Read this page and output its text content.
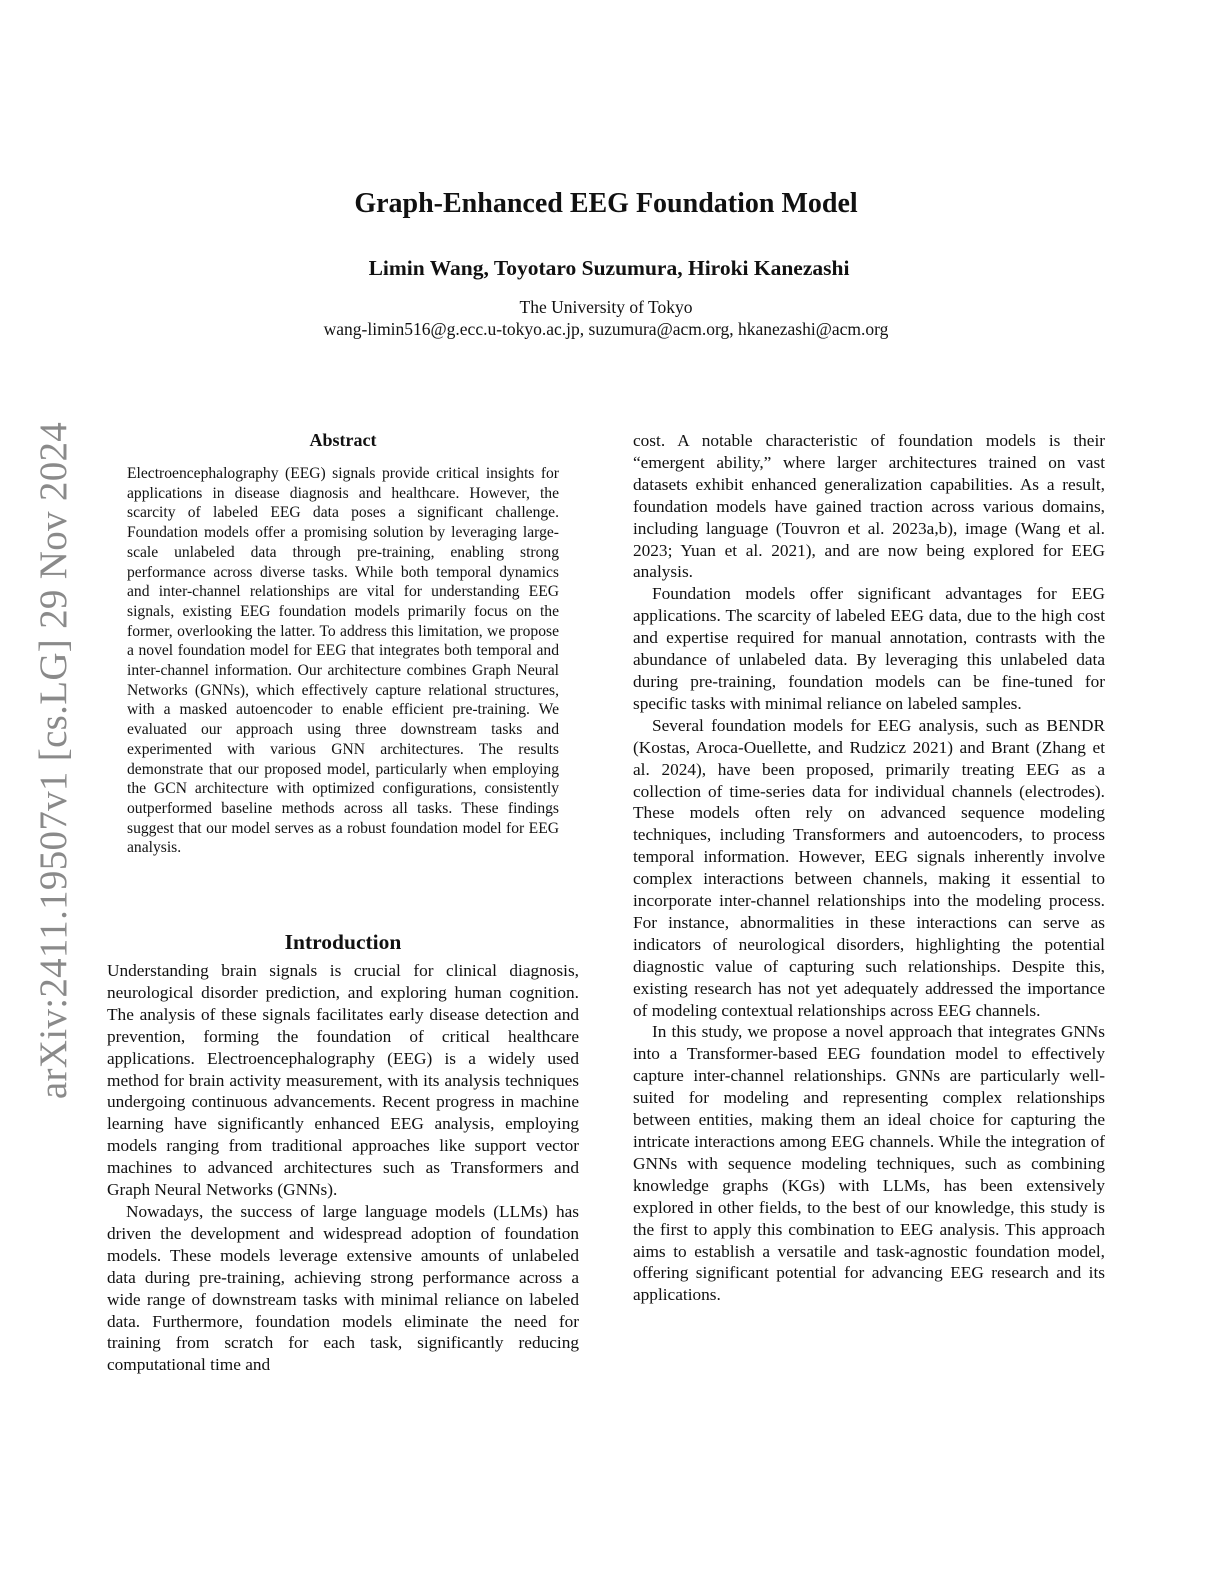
arXiv:2411.19507v1 [cs.LG] 29 Nov 2024
Graph-Enhanced EEG Foundation Model
Limin Wang, Toyotaro Suzumura, Hiroki Kanezashi
The University of Tokyo
wang-limin516@g.ecc.u-tokyo.ac.jp, suzumura@acm.org, hkanezashi@acm.org
Abstract

Electroencephalography (EEG) signals provide critical insights for applications in disease diagnosis and healthcare. However, the scarcity of labeled EEG data poses a significant challenge. Foundation models offer a promising solution by leveraging large-scale unlabeled data through pre-training, enabling strong performance across diverse tasks. While both temporal dynamics and inter-channel relationships are vital for understanding EEG signals, existing EEG foundation models primarily focus on the former, overlooking the latter. To address this limitation, we propose a novel foundation model for EEG that integrates both temporal and inter-channel information. Our architecture combines Graph Neural Networks (GNNs), which effectively capture relational structures, with a masked autoencoder to enable efficient pre-training. We evaluated our approach using three downstream tasks and experimented with various GNN architectures. The results demonstrate that our proposed model, particularly when employing the GCN architecture with optimized configurations, consistently outperformed baseline methods across all tasks. These findings suggest that our model serves as a robust foundation model for EEG analysis.

Introduction

Understanding brain signals is crucial for clinical diagnosis, neurological disorder prediction, and exploring human cognition. The analysis of these signals facilitates early disease detection and prevention, forming the foundation of critical healthcare applications. Electroencephalography (EEG) is a widely used method for brain activity measurement, with its analysis techniques undergoing continuous advancements. Recent progress in machine learning have significantly enhanced EEG analysis, employing models ranging from traditional approaches like support vector machines to advanced architectures such as Transformers and Graph Neural Networks (GNNs).

Nowadays, the success of large language models (LLMs) has driven the development and widespread adoption of foundation models. These models leverage extensive amounts of unlabeled data during pre-training, achieving strong performance across a wide range of downstream tasks with minimal reliance on labeled data. Furthermore, foundation models eliminate the need for training from scratch for each task, significantly reducing computational time and

cost. A notable characteristic of foundation models is their “emergent ability,” where larger architectures trained on vast datasets exhibit enhanced generalization capabilities. As a result, foundation models have gained traction across various domains, including language (Touvron et al. 2023a,b), image (Wang et al. 2023; Yuan et al. 2021), and are now being explored for EEG analysis.

Foundation models offer significant advantages for EEG applications. The scarcity of labeled EEG data, due to the high cost and expertise required for manual annotation, contrasts with the abundance of unlabeled data. By leveraging this unlabeled data during pre-training, foundation models can be fine-tuned for specific tasks with minimal reliance on labeled samples.

Several foundation models for EEG analysis, such as BENDR (Kostas, Aroca-Ouellette, and Rudzicz 2021) and Brant (Zhang et al. 2024), have been proposed, primarily treating EEG as a collection of time-series data for individual channels (electrodes). These models often rely on advanced sequence modeling techniques, including Transformers and autoencoders, to process temporal information. However, EEG signals inherently involve complex interactions between channels, making it essential to incorporate inter-channel relationships into the modeling process. For instance, abnormalities in these interactions can serve as indicators of neurological disorders, highlighting the potential diagnostic value of capturing such relationships. Despite this, existing research has not yet adequately addressed the importance of modeling contextual relationships across EEG channels.

In this study, we propose a novel approach that integrates GNNs into a Transformer-based EEG foundation model to effectively capture inter-channel relationships. GNNs are particularly well-suited for modeling and representing complex relationships between entities, making them an ideal choice for capturing the intricate interactions among EEG channels. While the integration of GNNs with sequence modeling techniques, such as combining knowledge graphs (KGs) with LLMs, has been extensively explored in other fields, to the best of our knowledge, this study is the first to apply this combination to EEG analysis. This approach aims to establish a versatile and task-agnostic foundation model, offering significant potential for advancing EEG research and its applications.
